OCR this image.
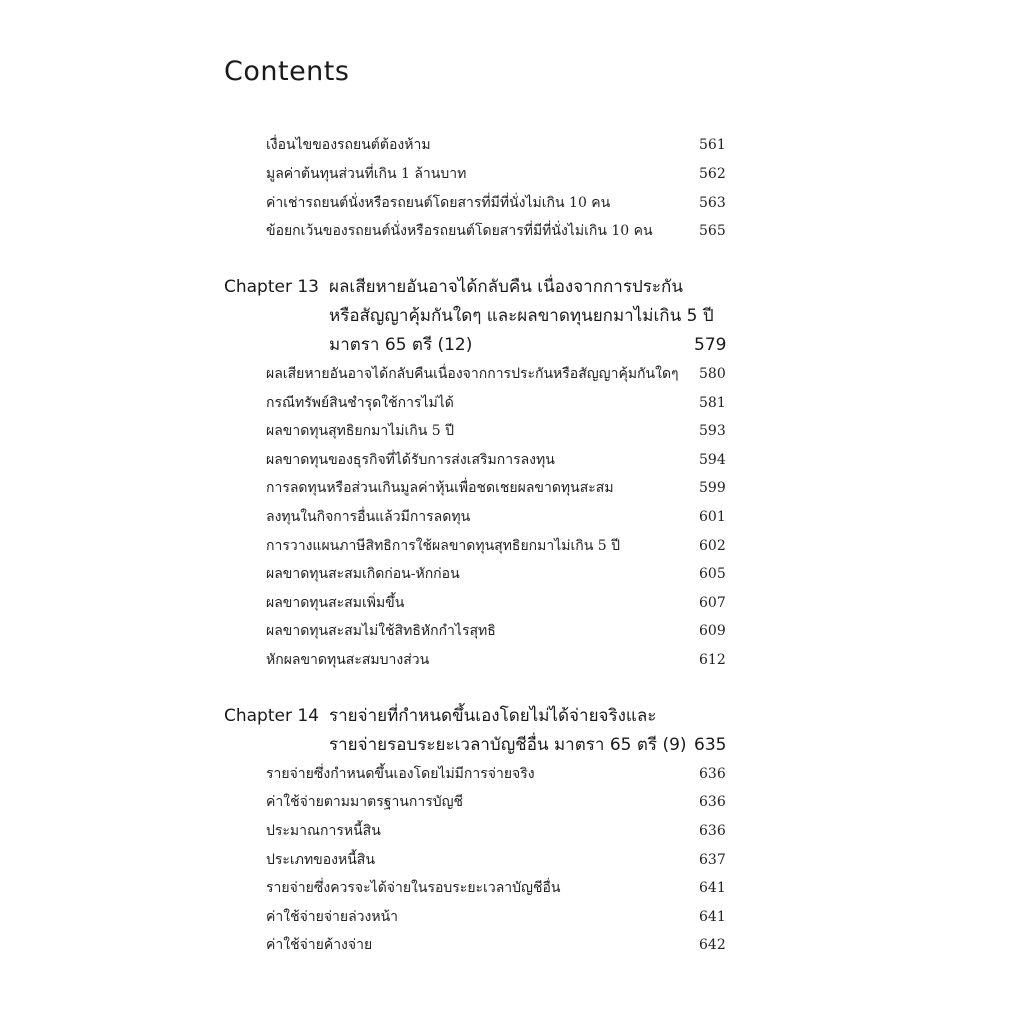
Contents
เงื่อนไขของรถยนต์ต้องห้าม	561
มูลค่าต้นทุนส่วนที่เกิน 1 ล้านบาท	562
ค่าเช่ารถยนต์นั่งหรือรถยนต์โดยสารที่มีที่นั่งไม่เกิน 10 คน	563
ข้อยกเว้นของรถยนต์นั่งหรือรถยนต์โดยสารที่มีที่นั่งไม่เกิน 10 คน	565
Chapter 13 ผลเสียหายอันอาจได้กลับคืน เนื่องจากการประกัน
หรือสัญญาคุ้มกันใดๆ และผลขาดทุนยกมาไม่เกิน 5 ปี
มาตรา 65 ตรี (12)	579
ผลเสียหายอันอาจได้กลับคืนเนื่องจากการประกันหรือสัญญาคุ้มกันใดๆ 580
กรณีทรัพย์สินชำรุดใช้การไม่ได้	581
ผลขาดทุนสุทธิยกมาไม่เกิน 5 ปี	593
ผลขาดทุนของธุรกิจที่ได้รับการส่งเสริมการลงทุน	594
การลดทุนหรือส่วนเกินมูลค่าหุ้นเพื่อชดเชยผลขาดทุนสะสม	599
ลงทุนในกิจการอื่นแล้วมีการลดทุน	601
การวางแผนภาษีสิทธิการใช้ผลขาดทุนสุทธิยกมาไม่เกิน 5 ปี	602
ผลขาดทุนสะสมเกิดก่อน-หักก่อน	605
ผลขาดทุนสะสมเพิ่มขึ้น	607
ผลขาดทุนสะสมไม่ใช้สิทธิหักกำไรสุทธิ	609
หักผลขาดทุนสะสมบางส่วน	612
Chapter 14 รายจ่ายที่กำหนดขึ้นเองโดยไม่ได้จ่ายจริงและ
รายจ่ายรอบระยะเวลาบัญชีอื่น มาตรา 65 ตรี (9) 635
รายจ่ายซึ่งกำหนดขึ้นเองโดยไม่มีการจ่ายจริง	636
ค่าใช้จ่ายตามมาตรฐานการบัญชี	636
ประมาณการหนี้สิน	636
ประเภทของหนี้สิน	637
รายจ่ายซึ่งควรจะได้จ่ายในรอบระยะเวลาบัญชีอื่น	641
ค่าใช้จ่ายจ่ายล่วงหน้า	641
ค่าใช้จ่ายค้างจ่าย	642
